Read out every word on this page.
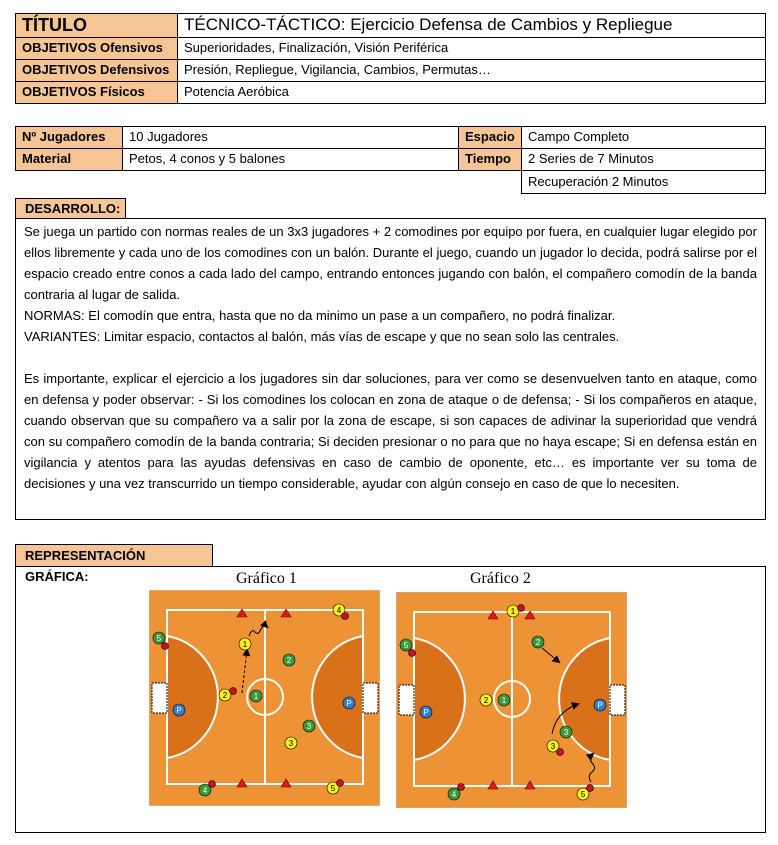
TÍTULO	TÉCNICO-TÁCTICO: Ejercicio Defensa de Cambios y Repliegue
OBJETIVOS Ofensivos	Superioridades, Finalización, Visión Periférica
OBJETIVOS Defensivos	Presión, Repliegue, Vigilancia, Cambios, Permutas…
OBJETIVOS Físicos	Potencia Aeróbica
Nº Jugadores	10 Jugadores	Espacio	Campo Completo
Material	Petos, 4 conos y 5 balones	Tiempo	2 Series de 7 Minutos
Recuperación 2 Minutos
DESARROLLO:

Se juega un partido con normas reales de un 3x3 jugadores + 2 comodines por equipo por fuera, en cualquier lugar elegido por ellos libremente y cada uno de los comodines con un balón. Durante el juego, cuando un jugador lo decida, podrá salirse por el espacio creado entre conos a cada lado del campo, entrando entonces jugando con balón, el compañero comodín de la banda contraria al lugar de salida.

NORMAS: El comodín que entra, hasta que no da minimo un pase a un compañero, no podrá finalizar.

VARIANTES: Limitar espacio, contactos al balón, más vías de escape y que no sean solo las centrales.

Es importante, explicar el ejercicio a los jugadores sin dar soluciones, para ver como se desenvuelven tanto en ataque, como en defensa y poder observar: - Si los comodines los colocan en zona de ataque o de defensa; - Si los compañeros en ataque, cuando observan que su compañero va a salir por la zona de escape, si son capaces de adivinar la superioridad que vendrá con su compañero comodín de la banda contraria; Si deciden presionar o no para que no haya escape; Si en defensa están en vigilancia y atentos para las ayudas defensivas en caso de cambio de oponente, etc… es importante ver su toma de decisiones y una vez transcurrido un tiempo considerable, ayudar con algún consejo en caso de que lo necesiten.

REPRESENTACIÓN GRÁFICA:	Gráfico 1	Gráfico 2
P
P
4
5
1
2
2	1
3
3
4	5
P
P
1
5	2
2 1
3
3
4	5
